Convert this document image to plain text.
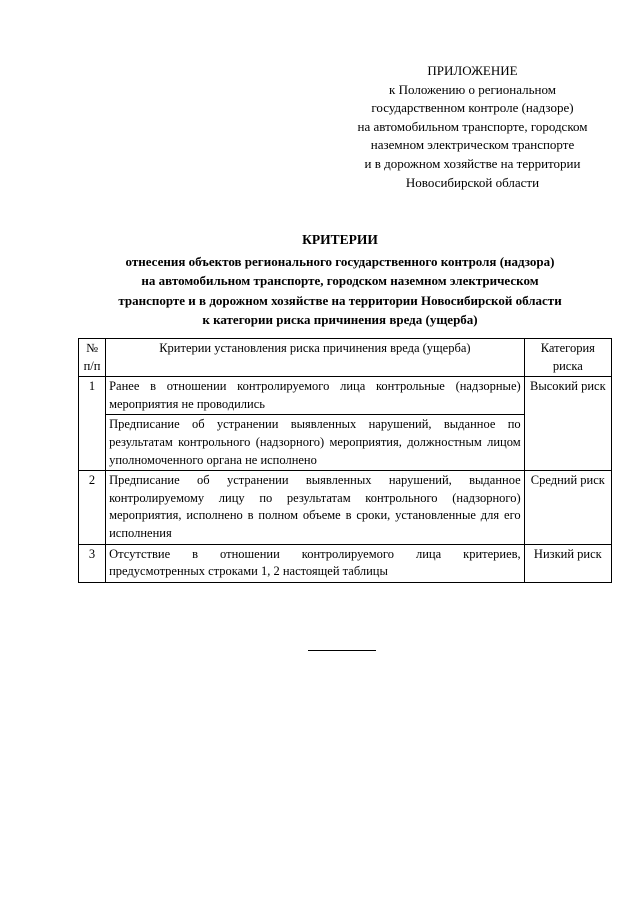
ПРИЛОЖЕНИЕ
к Положению о региональном
государственном контроле (надзоре)
на автомобильном транспорте, городском
наземном электрическом транспорте
и в дорожном хозяйстве на территории
Новосибирской области
КРИТЕРИИ
отнесения объектов регионального государственного контроля (надзора)
на автомобильном транспорте, городском наземном электрическом
транспорте и в дорожном хозяйстве на территории Новосибирской области
к категории риска причинения вреда (ущерба)
№ п/п	Критерии установления риска причинения вреда (ущерба)	Категория риска
1	Ранее в отношении контролируемого лица контрольные (надзорные) мероприятия не проводились	Высокий риск
	Предписание об устранении выявленных нарушений, выданное по результатам контрольного (надзорного) мероприятия, должностным лицом уполномоченного органа не исполнено	
2	Предписание об устранении выявленных нарушений, выданное контролируемому лицу по результатам контрольного (надзорного) мероприятия, исполнено в полном объеме в сроки, установленные для его исполнения	Средний риск
3	Отсутствие в отношении контролируемого лица критериев, предусмотренных строками 1, 2 настоящей таблицы	Низкий риск
